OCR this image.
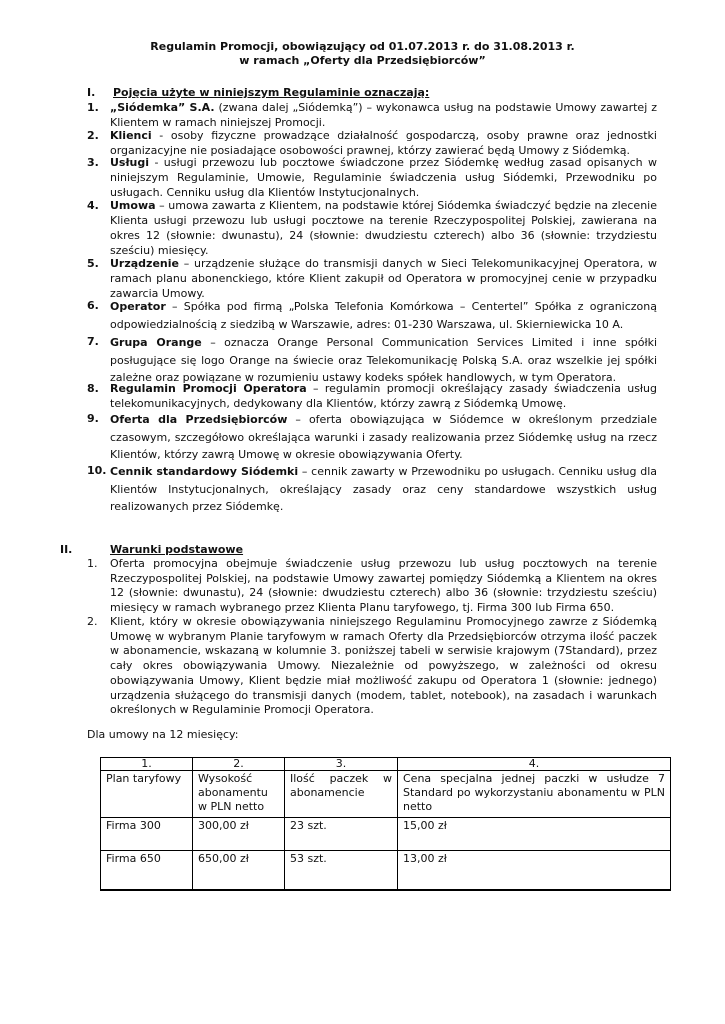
Regulamin Promocji, obowiązujący od 01.07.2013 r. do 31.08.2013 r.
w ramach „Oferty dla Przedsiębiorców”
I. Pojęcia użyte w niniejszym Regulaminie oznaczają:
1. „Siódemka” S.A. (zwana dalej „Siódemką”) – wykonawca usług na podstawie Umowy zawartej z Klientem w ramach niniejszej Promocji.
2. Klienci - osoby fizyczne prowadzące działalność gospodarczą, osoby prawne oraz jednostki organizacyjne nie posiadające osobowości prawnej, którzy zawierać będą Umowy z Siódemką.
3. Usługi - usługi przewozu lub pocztowe świadczone przez Siódemkę według zasad opisanych w niniejszym Regulaminie, Umowie, Regulaminie świadczenia usług Siódemki, Przewodniku po usługach. Cenniku usług dla Klientów Instytucjonalnych.
4. Umowa – umowa zawarta z Klientem, na podstawie której Siódemka świadczyć będzie na zlecenie Klienta usługi przewozu lub usługi pocztowe na terenie Rzeczypospolitej Polskiej, zawierana na okres 12 (słownie: dwunastu), 24 (słownie: dwudziestu czterech) albo 36 (słownie: trzydziestu sześciu) miesięcy.
5. Urządzenie – urządzenie służące do transmisji danych w Sieci Telekomunikacyjnej Operatora, w ramach planu abonenckiego, które Klient zakupił od Operatora w promocyjnej cenie w przypadku zawarcia Umowy.
6. Operator – Spółka pod firmą „Polska Telefonia Komórkowa – Centertel” Spółka z ograniczoną odpowiedzialnością z siedzibą w Warszawie, adres: 01-230 Warszawa, ul. Skierniewicka 10 A.
7. Grupa Orange – oznacza Orange Personal Communication Services Limited i inne spółki posługujące się logo Orange na świecie oraz Telekomunikację Polską S.A. oraz wszelkie jej spółki zależne oraz powiązane w rozumieniu ustawy kodeks spółek handlowych, w tym Operatora.
8. Regulamin Promocji Operatora – regulamin promocji określający zasady świadczenia usług telekomunikacyjnych, dedykowany dla Klientów, którzy zawrą z Siódemką Umowę.
9. Oferta dla Przedsiębiorców – oferta obowiązująca w Siódemce w określonym przedziale czasowym, szczegółowo określająca warunki i zasady realizowania przez Siódemkę usług na rzecz Klientów, którzy zawrą Umowę w okresie obowiązywania Oferty.
10. Cennik standardowy Siódemki – cennik zawarty w Przewodniku po usługach. Cenniku usług dla Klientów Instytucjonalnych, określający zasady oraz ceny standardowe wszystkich usług realizowanych przez Siódemkę.
II.	Warunki podstawowe
1. Oferta promocyjna obejmuje świadczenie usług przewozu lub usług pocztowych na terenie Rzeczypospolitej Polskiej, na podstawie Umowy zawartej pomiędzy Siódemką a Klientem na okres 12 (słownie: dwunastu), 24 (słownie: dwudziestu czterech) albo 36 (słownie: trzydziestu sześciu) miesięcy w ramach wybranego przez Klienta Planu taryfowego, tj. Firma 300 lub Firma 650.
2. Klient, który w okresie obowiązywania niniejszego Regulaminu Promocyjnego zawrze z Siódemką Umowę w wybranym Planie taryfowym w ramach Oferty dla Przedsiębiorców otrzyma ilość paczek w abonamencie, wskazaną w kolumnie 3. poniższej tabeli w serwisie krajowym (7Standard), przez cały okres obowiązywania Umowy. Niezależnie od powyższego, w zależności od okresu obowiązywania Umowy, Klient będzie miał możliwość zakupu od Operatora 1 (słownie: jednego) urządzenia służącego do transmisji danych (modem, tablet, notebook), na zasadach i warunkach określonych w Regulaminie Promocji Operatora.
Dla umowy na 12 miesięcy:
1.	2.	3.	4.
Plan taryfowy	Wysokość abonamentu w PLN netto	Ilość paczek w abonamencie	Cena specjalna jednej paczki w usłudze 7 Standard po wykorzystaniu abonamentu w PLN netto
Firma 300	300,00 zł	23 szt.	15,00 zł
Firma 650	650,00 zł	53 szt.	13,00 zł
